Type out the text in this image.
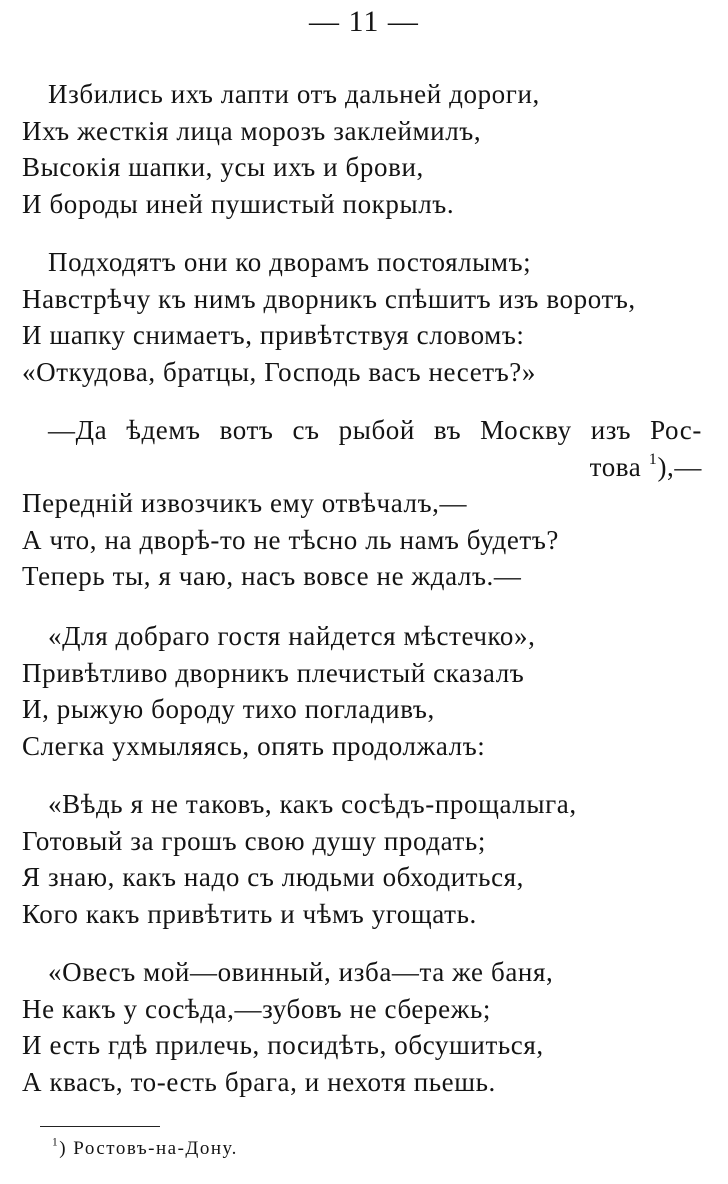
— 11 —
Избились ихъ лапти отъ дальней дороги,
Ихъ жесткія лица морозъ заклеймилъ,
Высокія шапки, усы ихъ и брови,
И бороды иней пушистый покрылъ.
Подходятъ они ко дворамъ постоялымъ;
Навстрѣчу къ нимъ дворникъ спѣшитъ изъ воротъ,
И шапку снимаетъ, привѣтствуя словомъ:
«Откудова, братцы, Господь васъ несетъ?»
—Да ѣдемъ вотъ съ рыбой въ Москву изъ Рос-
това $^1$),—
Передній извозчикъ ему отвѣчалъ,—
А что, на дворѣ-то не тѣсно ль намъ будетъ?
Теперь ты, я чаю, насъ вовсе не ждалъ.—
«Для добраго гостя найдется мѣстечко»,
Привѣтливо дворникъ плечистый сказалъ
И, рыжую бороду тихо погладивъ,
Слегка ухмыляясь, опять продолжалъ:
«Вѣдь я не таковъ, какъ сосѣдъ-прощалыга,
Готовый за грошъ свою душу продать;
Я знаю, какъ надо съ людьми обходиться,
Кого какъ привѣтить и чѣмъ угощать.
«Овесъ мой—овинный, изба—та же баня,
Не какъ у сосѣда,—зубовъ не сбережь;
И есть гдѣ прилечь, посидѣть, обсушиться,
А квасъ, то-есть брага, и нехотя пьешь.
$^1$) Ростовъ-на-Дону.
